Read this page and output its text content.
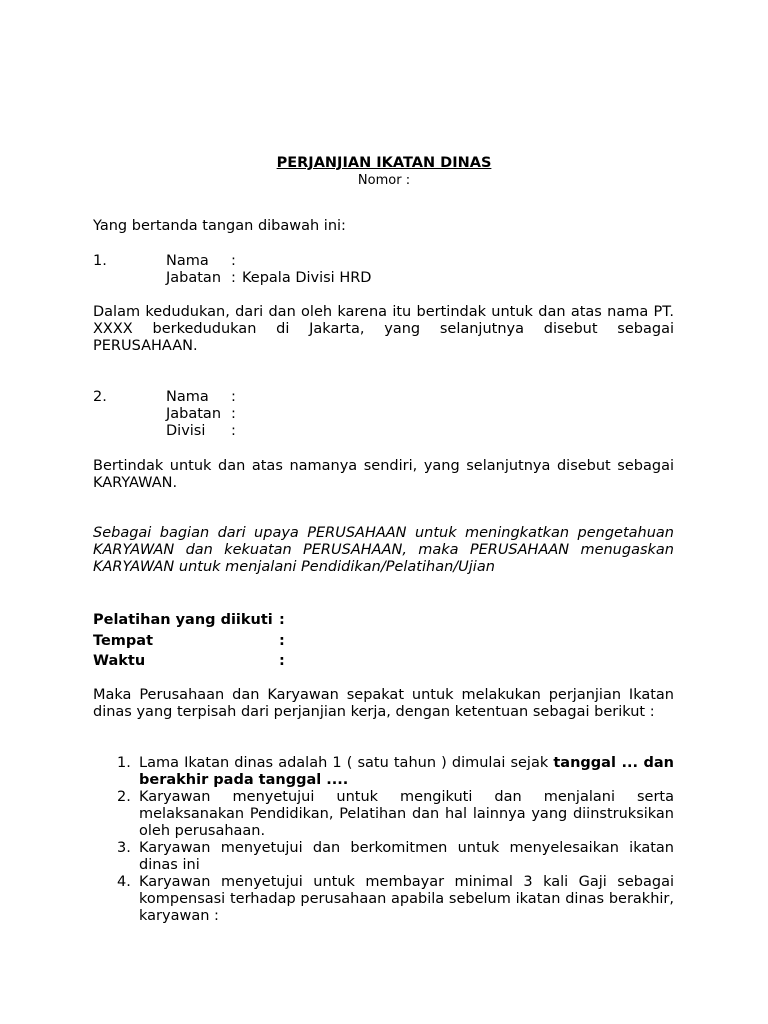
PERJANJIAN IKATAN DINAS
Nomor :

Yang bertanda tangan dibawah ini:

1.	Nama :
Jabatan : Kepala Divisi HRD

Dalam kedudukan, dari dan oleh karena itu bertindak untuk dan atas nama PT. XXXX berkedudukan di Jakarta, yang selanjutnya disebut sebagai PERUSAHAAN.

2.	Nama :
Jabatan :
Divisi :

Bertindak untuk dan atas namanya sendiri, yang selanjutnya disebut sebagai KARYAWAN.

Sebagai bagian dari upaya PERUSAHAAN untuk meningkatkan pengetahuan KARYAWAN dan kekuatan PERUSAHAAN, maka PERUSAHAAN menugaskan KARYAWAN untuk menjalani Pendidikan/Pelatihan/Ujian

Pelatihan yang diikuti :
Tempat	:
Waktu	:

Maka Perusahaan dan Karyawan sepakat untuk melakukan perjanjian Ikatan dinas yang terpisah dari perjanjian kerja, dengan ketentuan sebagai berikut :

1. Lama Ikatan dinas adalah 1 ( satu tahun ) dimulai sejak tanggal ... dan berakhir pada tanggal ....
2. Karyawan menyetujui untuk mengikuti dan menjalani serta melaksanakan Pendidikan, Pelatihan dan hal lainnya yang diinstruksikan oleh perusahaan.
3. Karyawan menyetujui dan berkomitmen untuk menyelesaikan ikatan dinas ini
4. Karyawan menyetujui untuk membayar minimal 3 kali Gaji sebagai kompensasi terhadap perusahaan apabila sebelum ikatan dinas berakhir, karyawan :
